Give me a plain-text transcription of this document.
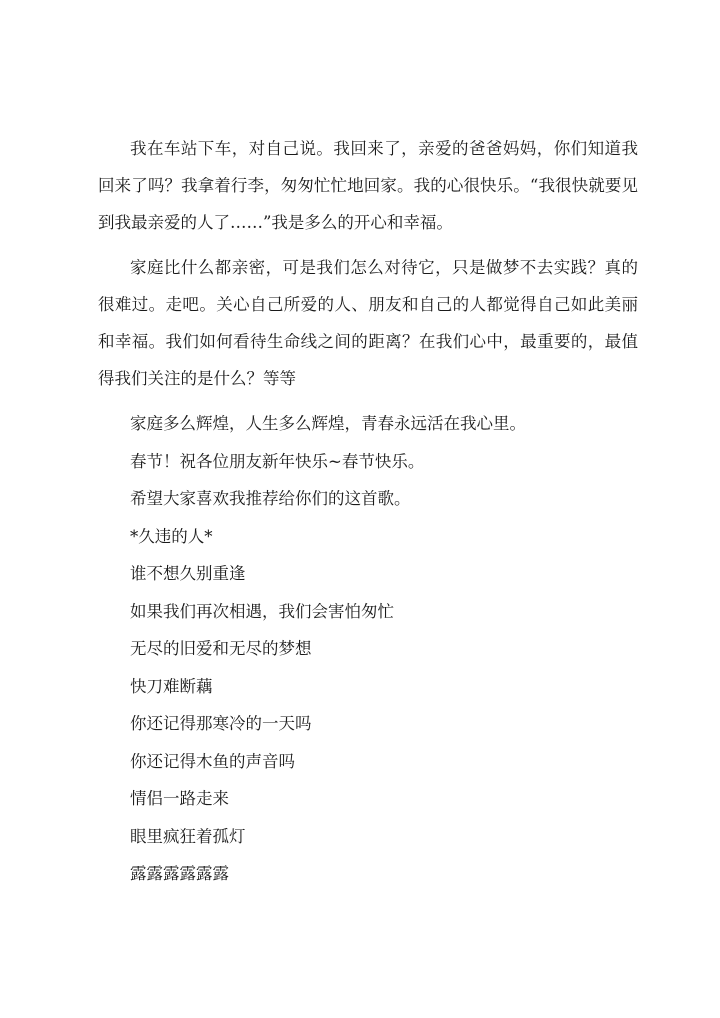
我在车站下车，对自己说。我回来了，亲爱的爸爸妈妈，你们知道我回来了吗？我拿着行李，匆匆忙忙地回家。我的心很快乐。“我很快就要见到我最亲爱的人了……”我是多么的开心和幸福。

家庭比什么都亲密，可是我们怎么对待它，只是做梦不去实践？真的很难过。走吧。关心自己所爱的人、朋友和自己的人都觉得自己如此美丽和幸福。我们如何看待生命线之间的距离？在我们心中，最重要的，最值得我们关注的是什么？等等

家庭多么辉煌，人生多么辉煌，青春永远活在我心里。

春节！祝各位朋友新年快乐~春节快乐。

希望大家喜欢我推荐给你们的这首歌。

*久违的人*

谁不想久别重逢

如果我们再次相遇，我们会害怕匆忙

无尽的旧爱和无尽的梦想

快刀难断藕

你还记得那寒冷的一天吗

你还记得木鱼的声音吗

情侣一路走来

眼里疯狂着孤灯

露露露露露露
